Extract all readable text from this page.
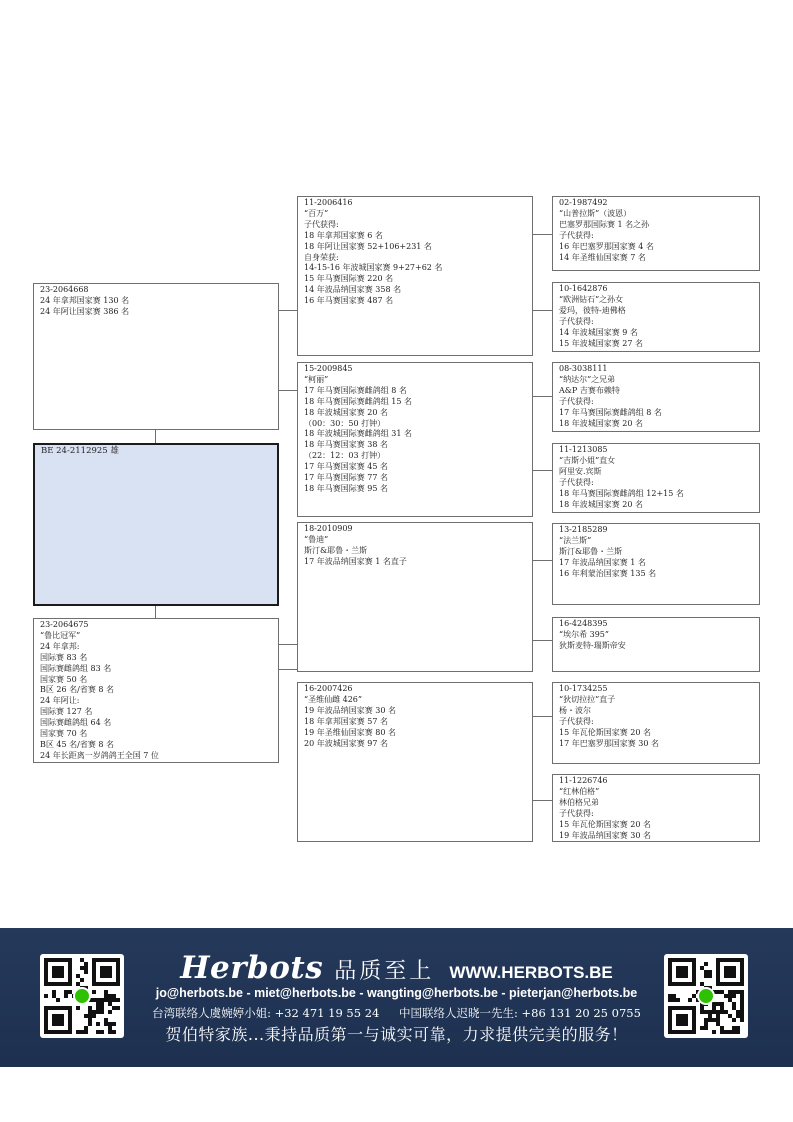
23-2064668
24 年拿邦国家赛 130 名
24 年阿让国家赛 386 名
BE 24-2112925 雄
23-2064675
“鲁比冠军”
24 年拿邦:
国际赛 83 名
国际赛雌鸽组 83 名
国家赛 50 名
B区 26 名/省赛 8 名
24 年阿让:
国际赛 127 名
国际赛雌鸽组 64 名
国家赛 70 名
B区 45 名/省赛 8 名
24 年长距离一岁鸽鸽王全国 7 位
11-2006416
“百万”
子代获得:
18 年拿邦国家赛 6 名
18 年阿让国家赛 52+106+231 名
自身荣获:
14-15-16 年波城国家赛 9+27+62 名
15 年马赛国际赛 220 名
14 年波品纳国家赛 358 名
16 年马赛国家赛 487 名
15-2009845
“柯丽”
17 年马赛国际赛雌鸽组 8 名
18 年马赛国际赛雌鸽组 15 名
18 年波城国家赛 20 名
（00：30：50 打钟）
18 年波城国际赛雌鸽组 31 名
18 年马赛国家赛 38 名
（22：12：03 打钟）
17 年马赛国家赛 45 名
17 年马赛国际赛 77 名
18 年马赛国际赛 95 名
18-2010909
“鲁迪”
斯汀&耶鲁・兰斯
17 年波品纳国家赛 1 名直子
16-2007426
“圣维仙雌 426”
19 年波品纳国家赛 30 名
18 年拿邦国家赛 57 名
19 年圣维仙国家赛 80 名
20 年波城国家赛 97 名
02-1987492
“山普拉斯”（波恩）
巴塞罗那国际赛 1 名之孙
子代获得:
16 年巴塞罗那国家赛 4 名
14 年圣维仙国家赛 7 名
10-1642876
“欧洲钻石”之孙女
爱玛，彼特-迪佛格
子代获得:
14 年波城国家赛 9 名
15 年波城国家赛 27 名
08-3038111
“纳达尔”之兄弟
A&P 吉赛布赖特
子代获得:
17 年马赛国际赛雌鸽组 8 名
18 年波城国家赛 20 名
11-1213085
“吉斯小姐”直女
阿里安.宾斯
子代获得:
18 年马赛国际赛雌鸽组 12+15 名
18 年波城国家赛 20 名
13-2185289
“法兰斯”
斯汀&耶鲁・兰斯
17 年波品纳国家赛 1 名
16 年利蒙治国家赛 135 名
16-4248395
“埃尔希 395”
狄斯麦特-瑞斯帝安
10-1734255
“狄切拉拉”直子
杨・波尔
子代获得:
15 年瓦伦斯国家赛 20 名
17 年巴塞罗那国家赛 30 名
11-1226746
“红林伯格”
林伯格兄弟
子代获得:
15 年瓦伦斯国家赛 20 名
19 年波品纳国家赛 30 名
Herbots 品质至上 WWW.HERBOTS.BE
jo@herbots.be - miet@herbots.be - wangting@herbots.be - pieterjan@herbots.be
台湾联络人虞婉婷小姐: +32 471 19 55 24 中国联络人迟晓一先生: +86 131 20 25 0755
贺伯特家族...秉持品质第一与诚实可靠，力求提供完美的服务！
